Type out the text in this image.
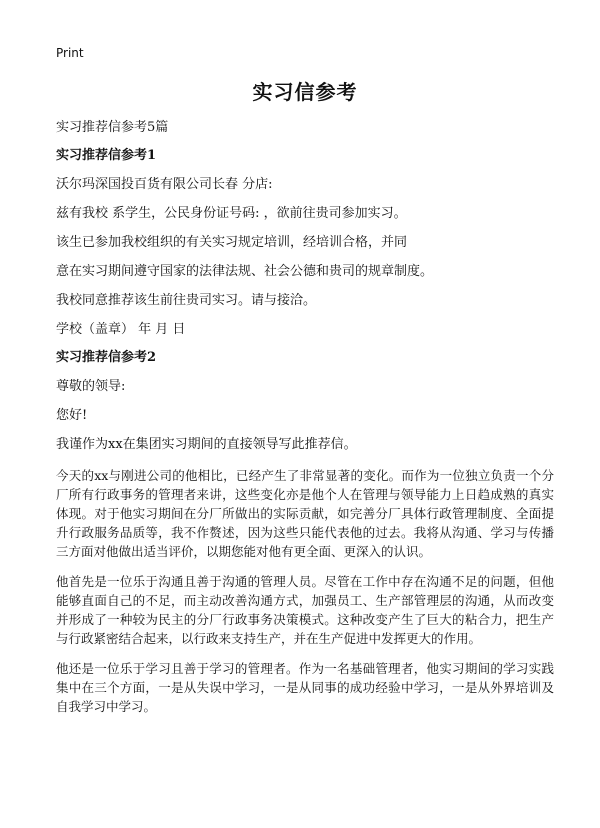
Print

实习信参考

实习推荐信参考5篇

实习推荐信参考1

沃尔玛深国投百货有限公司长春 分店:

兹有我校 系学生，公民身份证号码: ，欲前往贵司参加实习。

该生已参加我校组织的有关实习规定培训，经培训合格，并同

意在实习期间遵守国家的法律法规、社会公德和贵司的规章制度。

我校同意推荐该生前往贵司实习。请与接洽。

学校（盖章） 年 月 日

实习推荐信参考2

尊敬的领导:

您好!

我谨作为xx在集团实习期间的直接领导写此推荐信。

今天的xx与刚进公司的他相比，已经产生了非常显著的变化。而作为一位独立负责一个分厂所有行政事务的管理者来讲，这些变化亦是他个人在管理与领导能力上日趋成熟的真实体现。对于他实习期间在分厂所做出的实际贡献，如完善分厂具体行政管理制度、全面提升行政服务品质等，我不作赘述，因为这些只能代表他的过去。我将从沟通、学习与传播三方面对他做出适当评价，以期您能对他有更全面、更深入的认识。

他首先是一位乐于沟通且善于沟通的管理人员。尽管在工作中存在沟通不足的问题，但他能够直面自己的不足，而主动改善沟通方式，加强员工、生产部管理层的沟通，从而改变并形成了一种较为民主的分厂行政事务决策模式。这种改变产生了巨大的粘合力，把生产与行政紧密结合起来，以行政来支持生产，并在生产促进中发挥更大的作用。

他还是一位乐于学习且善于学习的管理者。作为一名基础管理者，他实习期间的学习实践集中在三个方面，一是从失误中学习，一是从同事的成功经验中学习，一是从外界培训及自我学习中学习。
